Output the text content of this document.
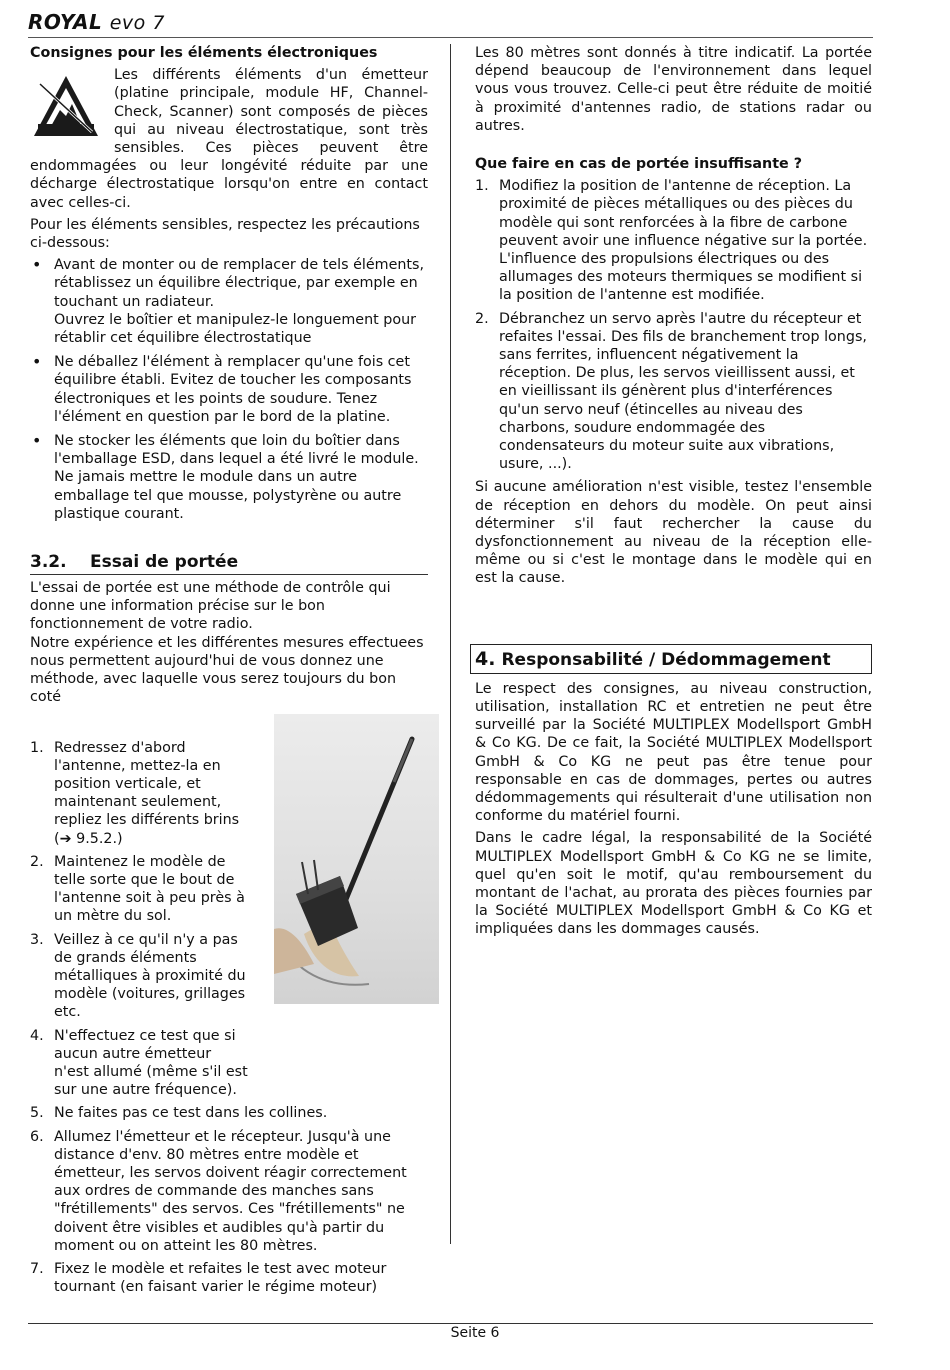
ROYAL evo 7

Consignes pour les éléments électroniques

Les différents éléments d'un émetteur (platine principale, module HF, Channel-Check, Scanner) sont composés de pièces qui au niveau électrostatique, sont très sensibles. Ces pièces peuvent être endommagées ou leur longévité réduite par une décharge électrostatique lorsqu'on entre en contact avec celles-ci.

Pour les éléments sensibles, respectez les précautions ci-dessous:

• Avant de monter ou de remplacer de tels éléments, rétablissez un équilibre électrique, par exemple en touchant un radiateur.
Ouvrez le boîtier et manipulez-le longuement pour rétablir cet équilibre électrostatique
• Ne déballez l'élément à remplacer qu'une fois cet équilibre établi. Evitez de toucher les composants électroniques et les points de soudure. Tenez l'élément en question par le bord de la platine.
• Ne stocker les éléments que loin du boîtier dans l'emballage ESD, dans lequel a été livré le module. Ne jamais mettre le module dans un autre emballage tel que mousse, polystyrène ou autre plastique courant.
3.2. Essai de portée

L'essai de portée est une méthode de contrôle qui donne une information précise sur le bon fonctionnement de votre radio.

Notre expérience et les différentes mesures effectuees nous permettent aujourd'hui de vous donnez une méthode, avec laquelle vous serez toujours du bon coté

1. Redressez d'abord l'antenne, mettez-la en position verticale, et maintenant seulement, repliez les différents brins (➔ 9.5.2.)
2. Maintenez le modèle de telle sorte que le bout de l'antenne soit à peu près à un mètre du sol.
3. Veillez à ce qu'il n'y a pas de grands éléments métalliques à proximité du modèle (voitures, grillages etc.
4. N'effectuez ce test que si aucun autre émetteur n'est allumé (même s'il est sur une autre fréquence).
5. Ne faites pas ce test dans les collines.
6. Allumez l'émetteur et le récepteur. Jusqu'à une distance d'env. 80 mètres entre modèle et émetteur, les servos doivent réagir correctement aux ordres de commande des manches sans "frétillements" des servos. Ces "frétillements" ne doivent être visibles et audibles qu'à partir du moment ou on atteint les 80 mètres.
7. Fixez le modèle et refaites le test avec moteur tournant (en faisant varier le régime moteur)

Les 80 mètres sont donnés à titre indicatif. La portée dépend beaucoup de l'environnement dans lequel vous vous trouvez. Celle-ci peut être réduite de moitié à proximité d'antennes radio, de stations radar ou autres.

Que faire en cas de portée insuffisante ?

1. Modifiez la position de l'antenne de réception. La proximité de pièces métalliques ou des pièces du modèle qui sont renforcées à la fibre de carbone peuvent avoir une influence négative sur la portée. L'influence des propulsions électriques ou des allumages des moteurs thermiques se modifient si la position de l'antenne est modifiée.
2. Débranchez un servo après l'autre du récepteur et refaites l'essai. Des fils de branchement trop longs, sans ferrites, influencent négativement la réception. De plus, les servos vieillissent aussi, et en vieillissant ils génèrent plus d'interférences qu'un servo neuf (étincelles au niveau des charbons, soudure endommagée des condensateurs du moteur suite aux vibrations, usure, ...).

Si aucune amélioration n'est visible, testez l'ensemble de réception en dehors du modèle. On peut ainsi déterminer s'il faut rechercher la cause du dysfonctionnement au niveau de la réception elle-même ou si c'est le montage dans le modèle qui en est la cause.

4. Responsabilité / Dédommagement

Le respect des consignes, au niveau construction, utilisation, installation RC et entretien ne peut être surveillé par la Société MULTIPLEX Modellsport GmbH & Co KG. De ce fait, la Société MULTIPLEX Modellsport GmbH & Co KG ne peut pas être tenue pour responsable en cas de dommages, pertes ou autres dédommagements qui résulterait d'une utilisation non conforme du matériel fourni.

Dans le cadre légal, la responsabilité de la Société MULTIPLEX Modellsport GmbH & Co KG ne se limite, quel qu'en soit le motif, qu'au remboursement du montant de l'achat, au prorata des pièces fournies par la Société MULTIPLEX Modellsport GmbH & Co KG et impliquées dans les dommages causés.

Seite 6
